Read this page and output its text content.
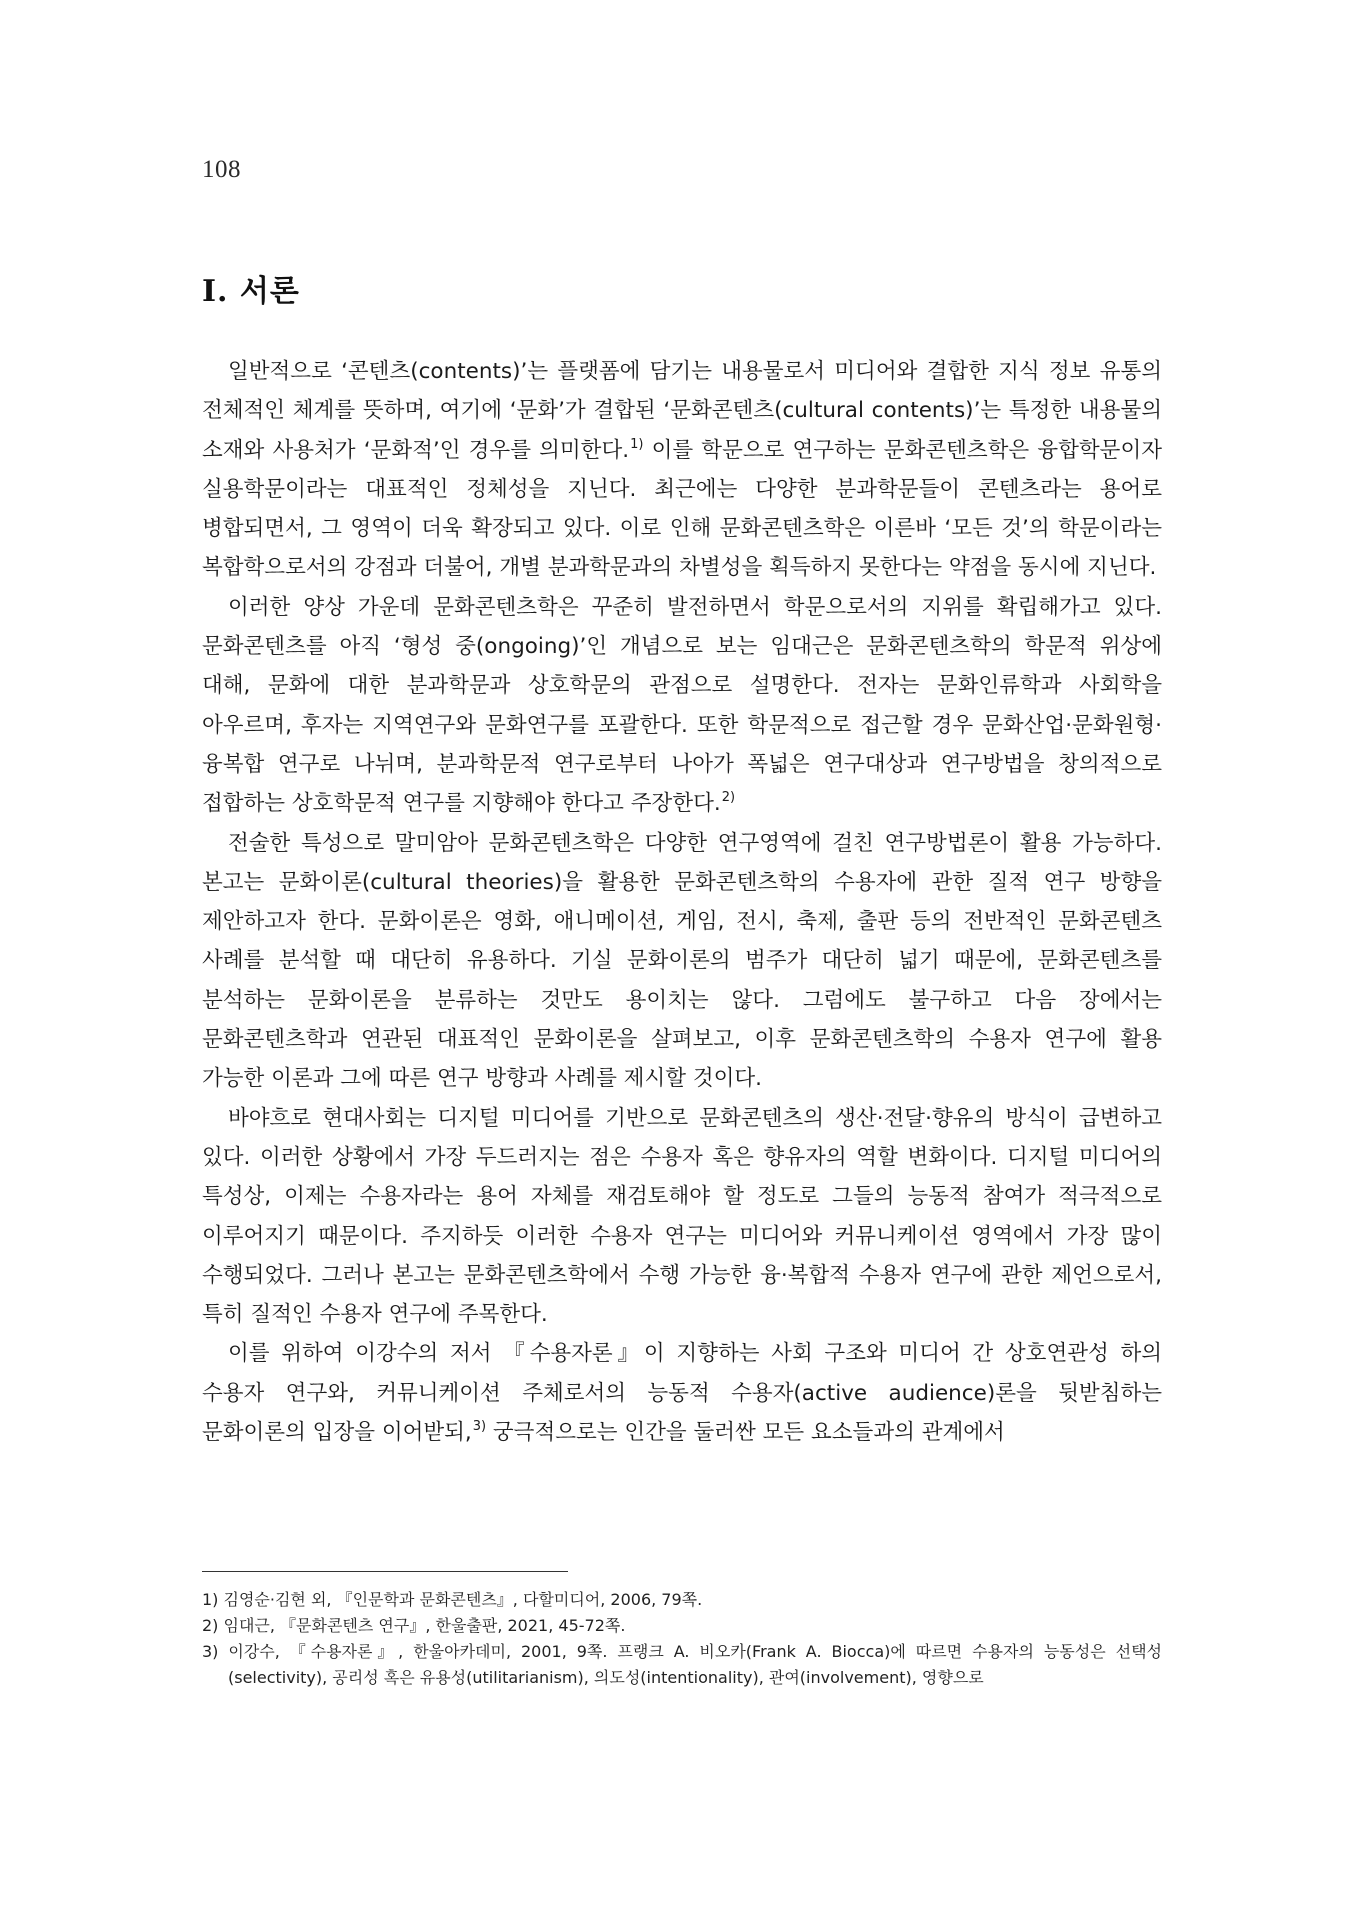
108
Ⅰ. 서론

일반적으로 ‘콘텐츠(contents)’는 플랫폼에 담기는 내용물로서 미디어와 결합한 지식 정보 유통의 전체적인 체계를 뜻하며, 여기에 ‘문화’가 결합된 ‘문화콘텐츠(cultural contents)’는 특정한 내용물의 소재와 사용처가 ‘문화적’인 경우를 의미한다.$^{1)}$ 이를 학문으로 연구하는 문화콘텐츠학은 융합학문이자 실용학문이라는 대표적인 정체성을 지닌다. 최근에는 다양한 분과학문들이 콘텐츠라는 용어로 병합되면서, 그 영역이 더욱 확장되고 있다. 이로 인해 문화콘텐츠학은 이른바 ‘모든 것’의 학문이라는 복합학으로서의 강점과 더불어, 개별 분과학문과의 차별성을 획득하지 못한다는 약점을 동시에 지닌다.

이러한 양상 가운데 문화콘텐츠학은 꾸준히 발전하면서 학문으로서의 지위를 확립해가고 있다. 문화콘텐츠를 아직 ‘형성 중(ongoing)’인 개념으로 보는 임대근은 문화콘텐츠학의 학문적 위상에 대해, 문화에 대한 분과학문과 상호학문의 관점으로 설명한다. 전자는 문화인류학과 사회학을 아우르며, 후자는 지역연구와 문화연구를 포괄한다. 또한 학문적으로 접근할 경우 문화산업·문화원형·융복합 연구로 나뉘며, 분과학문적 연구로부터 나아가 폭넓은 연구대상과 연구방법을 창의적으로 접합하는 상호학문적 연구를 지향해야 한다고 주장한다.$^{2)}$

전술한 특성으로 말미암아 문화콘텐츠학은 다양한 연구영역에 걸친 연구방법론이 활용 가능하다. 본고는 문화이론(cultural theories)을 활용한 문화콘텐츠학의 수용자에 관한 질적 연구 방향을 제안하고자 한다. 문화이론은 영화, 애니메이션, 게임, 전시, 축제, 출판 등의 전반적인 문화콘텐츠 사례를 분석할 때 대단히 유용하다. 기실 문화이론의 범주가 대단히 넓기 때문에, 문화콘텐츠를 분석하는 문화이론을 분류하는 것만도 용이치는 않다. 그럼에도 불구하고 다음 장에서는 문화콘텐츠학과 연관된 대표적인 문화이론을 살펴보고, 이후 문화콘텐츠학의 수용자 연구에 활용 가능한 이론과 그에 따른 연구 방향과 사례를 제시할 것이다.

바야흐로 현대사회는 디지털 미디어를 기반으로 문화콘텐츠의 생산·전달·향유의 방식이 급변하고 있다. 이러한 상황에서 가장 두드러지는 점은 수용자 혹은 향유자의 역할 변화이다. 디지털 미디어의 특성상, 이제는 수용자라는 용어 자체를 재검토해야 할 정도로 그들의 능동적 참여가 적극적으로 이루어지기 때문이다. 주지하듯 이러한 수용자 연구는 미디어와 커뮤니케이션 영역에서 가장 많이 수행되었다. 그러나 본고는 문화콘텐츠학에서 수행 가능한 융·복합적 수용자 연구에 관한 제언으로서, 특히 질적인 수용자 연구에 주목한다.

이를 위하여 이강수의 저서 『수용자론』이 지향하는 사회 구조와 미디어 간 상호연관성 하의 수용자 연구와, 커뮤니케이션 주체로서의 능동적 수용자(active audience)론을 뒷받침하는 문화이론의 입장을 이어받되,$^{3)}$ 궁극적으로는 인간을 둘러싼 모든 요소들과의 관계에서

1) 김영순·김현 외, 『인문학과 문화콘텐츠』, 다할미디어, 2006, 79쪽.

2) 임대근, 『문화콘텐츠 연구』, 한울출판, 2021, 45-72쪽.

3) 이강수, 『수용자론』, 한울아카데미, 2001, 9쪽. 프랭크 A. 비오카(Frank A. Biocca)에 따르면 수용자의 능동성은 선택성(selectivity), 공리성 혹은 유용성(utilitarianism), 의도성(intentionality), 관여(involvement), 영향으로
